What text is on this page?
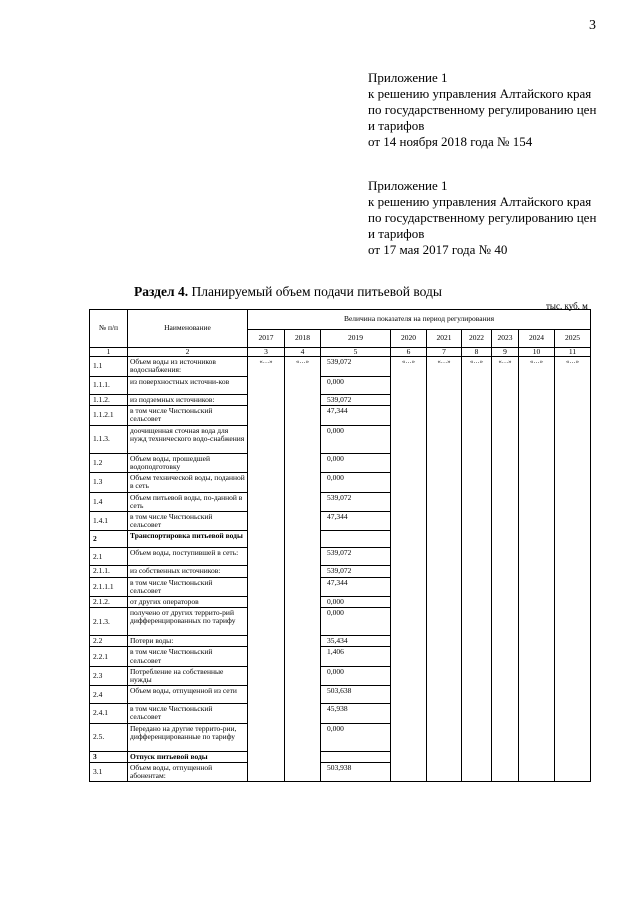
3
Приложение 1
к решению управления Алтайского края
по государственному регулированию цен
и тарифов
от 14 ноября 2018 года № 154
Приложение 1
к решению управления Алтайского края
по государственному регулированию цен
и тарифов
от 17 мая 2017 года № 40
Раздел 4. Планируемый объем подачи питьевой воды
тыс. куб. м
№ п/п	Наименование	Величина показателя на период регулирования								
		2017	2018	2019	2020	2021	2022	2023	2024	2025
1	2	3	4	5	6	7	8	9	10	11
1.1	Объем воды из источников водоснабжения:	«…»	«…»	539,072	«…»	«…»	«…»	«…»	«…»	«…»
1.1.1.	из поверхностных источни-ков			0,000						
1.1.2.	из подземных источников:			539,072						
1.1.2.1	в том числе Чистюньский сельсовет			47,344						
1.1.3.	доочищенная сточная вода для нужд технического водо-снабжения			0,000						
1.2	Объем воды, прошедшей водоподготовку			0,000						
1.3	Объем технической воды, поданной в сеть			0,000						
1.4	Объем питьевой воды, по-данной в сеть			539,072						
1.4.1	в том числе Чистюньский сельсовет			47,344						
2	Транспортировка питьевой воды									
2.1	Объем воды, поступившей в сеть:			539,072						
2.1.1.	из собственных источников:			539,072						
2.1.1.1	в том числе Чистюньский сельсовет			47,344						
2.1.2.	от других операторов			0,000						
2.1.3.	получено от других террито-рий дифференцированных по тарифу			0,000						
2.2	Потери воды:			35,434						
2.2.1	в том числе Чистюньский сельсовет			1,406						
2.3	Потребление на собственные нужды			0,000						
2.4	Объем воды, отпущенной из сети			503,638						
2.4.1	в том числе Чистюньский сельсовет			45,938						
2.5.	Передано на другие террито-рии, дифференцированные по тарифу			0,000						
3	Отпуск питьевой воды									
3.1	Объем воды, отпущенной абонентам:			503,938						
